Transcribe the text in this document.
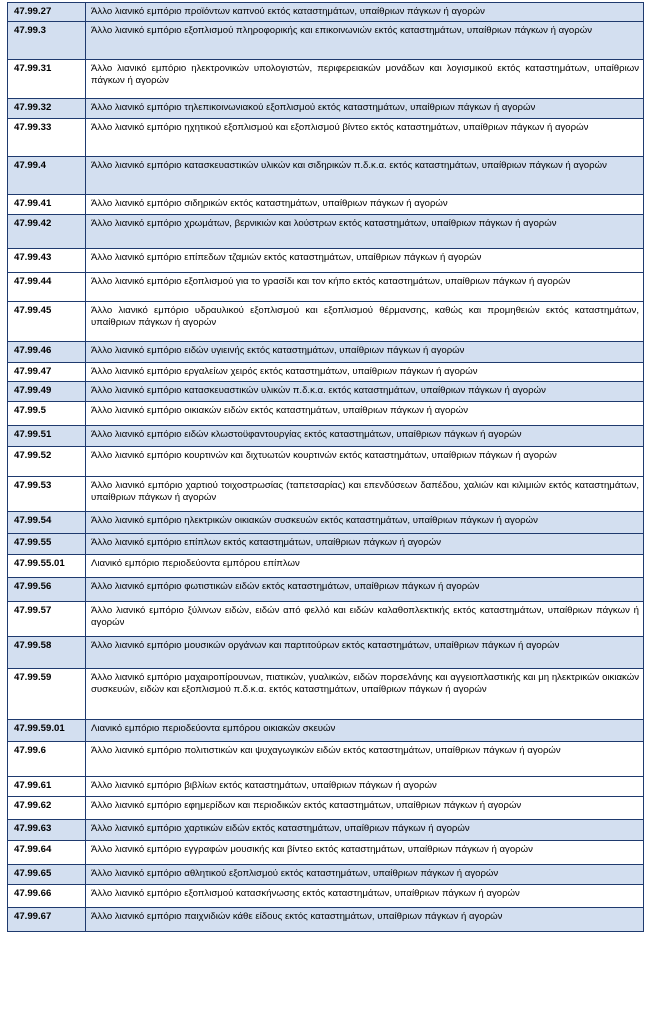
47.99.27	Άλλο λιανικό εμπόριο προϊόντων καπνού εκτός καταστημάτων, υπαίθριων πάγκων ή αγορών
47.99.3	Άλλο λιανικό εμπόριο εξοπλισμού πληροφορικής και επικοινωνιών εκτός καταστημάτων, υπαίθριων πάγκων ή αγορών
47.99.31	Άλλο λιανικό εμπόριο ηλεκτρονικών υπολογιστών, περιφερειακών μονάδων και λογισμικού εκτός καταστημάτων, υπαίθριων πάγκων ή αγορών
47.99.32	Άλλο λιανικό εμπόριο τηλεπικοινωνιακού εξοπλισμού εκτός καταστημάτων, υπαίθριων πάγκων ή αγορών
47.99.33	Άλλο λιανικό εμπόριο ηχητικού εξοπλισμού και εξοπλισμού βίντεο εκτός καταστημάτων, υπαίθριων πάγκων ή αγορών
47.99.4	Άλλο λιανικό εμπόριο κατασκευαστικών υλικών και σιδηρικών π.δ.κ.α. εκτός καταστημάτων, υπαίθριων πάγκων ή αγορών
47.99.41	Άλλο λιανικό εμπόριο σιδηρικών εκτός καταστημάτων, υπαίθριων πάγκων ή αγορών
47.99.42	Άλλο λιανικό εμπόριο χρωμάτων, βερνικιών και λούστρων εκτός καταστημάτων, υπαίθριων πάγκων ή αγορών
47.99.43	Άλλο λιανικό εμπόριο επίπεδων τζαμιών εκτός καταστημάτων, υπαίθριων πάγκων ή αγορών
47.99.44	Άλλο λιανικό εμπόριο εξοπλισμού για το γρασίδι και τον κήπο εκτός καταστημάτων, υπαίθριων πάγκων ή αγορών
47.99.45	Άλλο λιανικό εμπόριο υδραυλικού εξοπλισμού και εξοπλισμού θέρμανσης, καθώς και προμηθειών εκτός καταστημάτων, υπαίθριων πάγκων ή αγορών
47.99.46	Άλλο λιανικό εμπόριο ειδών υγιεινής εκτός καταστημάτων, υπαίθριων πάγκων ή αγορών
47.99.47	Άλλο λιανικό εμπόριο εργαλείων χειρός εκτός καταστημάτων, υπαίθριων πάγκων ή αγορών
47.99.49	Άλλο λιανικό εμπόριο κατασκευαστικών υλικών π.δ.κ.α. εκτός καταστημάτων, υπαίθριων πάγκων ή αγορών
47.99.5	Άλλο λιανικό εμπόριο οικιακών ειδών εκτός καταστημάτων, υπαίθριων πάγκων ή αγορών
47.99.51	Άλλο λιανικό εμπόριο ειδών κλωστοϋφαντουργίας εκτός καταστημάτων, υπαίθριων πάγκων ή αγορών
47.99.52	Άλλο λιανικό εμπόριο κουρτινών και διχτυωτών κουρτινών εκτός καταστημάτων, υπαίθριων πάγκων ή αγορών
47.99.53	Άλλο λιανικό εμπόριο χαρτιού τοιχοστρωσίας (ταπετσαρίας) και επενδύσεων δαπέδου, χαλιών και κιλιμιών εκτός καταστημάτων, υπαίθριων πάγκων ή αγορών
47.99.54	Άλλο λιανικό εμπόριο ηλεκτρικών οικιακών συσκευών εκτός καταστημάτων, υπαίθριων πάγκων ή αγορών
47.99.55	Άλλο λιανικό εμπόριο επίπλων εκτός καταστημάτων, υπαίθριων πάγκων ή αγορών
47.99.55.01	Λιανικό εμπόριο περιοδεύοντα εμπόρου επίπλων
47.99.56	Άλλο λιανικό εμπόριο φωτιστικών ειδών εκτός καταστημάτων, υπαίθριων πάγκων ή αγορών
47.99.57	Άλλο λιανικό εμπόριο ξύλινων ειδών, ειδών από φελλό και ειδών καλαθοπλεκτικής εκτός καταστημάτων, υπαίθριων πάγκων ή αγορών
47.99.58	Άλλο λιανικό εμπόριο μουσικών οργάνων και παρτιτούρων εκτός καταστημάτων, υπαίθριων πάγκων ή αγορών
47.99.59	Άλλο λιανικό εμπόριο μαχαιροπίρουνων, πιατικών, γυαλικών, ειδών πορσελάνης και αγγειοπλαστικής και μη ηλεκτρικών οικιακών συσκευών, ειδών και εξοπλισμού π.δ.κ.α. εκτός καταστημάτων, υπαίθριων πάγκων ή αγορών
47.99.59.01	Λιανικό εμπόριο περιοδεύοντα εμπόρου οικιακών σκευών
47.99.6	Άλλο λιανικό εμπόριο πολιτιστικών και ψυχαγωγικών ειδών εκτός καταστημάτων, υπαίθριων πάγκων ή αγορών
47.99.61	Άλλο λιανικό εμπόριο βιβλίων εκτός καταστημάτων, υπαίθριων πάγκων ή αγορών
47.99.62	Άλλο λιανικό εμπόριο εφημερίδων και περιοδικών εκτός καταστημάτων, υπαίθριων πάγκων ή αγορών
47.99.63	Άλλο λιανικό εμπόριο χαρτικών ειδών εκτός καταστημάτων, υπαίθριων πάγκων ή αγορών
47.99.64	Άλλο λιανικό εμπόριο εγγραφών μουσικής και βίντεο εκτός καταστημάτων, υπαίθριων πάγκων ή αγορών
47.99.65	Άλλο λιανικό εμπόριο αθλητικού εξοπλισμού εκτός καταστημάτων, υπαίθριων πάγκων ή αγορών
47.99.66	Άλλο λιανικό εμπόριο εξοπλισμού κατασκήνωσης εκτός καταστημάτων, υπαίθριων πάγκων ή αγορών
47.99.67	Άλλο λιανικό εμπόριο παιχνιδιών κάθε είδους εκτός καταστημάτων, υπαίθριων πάγκων ή αγορών
